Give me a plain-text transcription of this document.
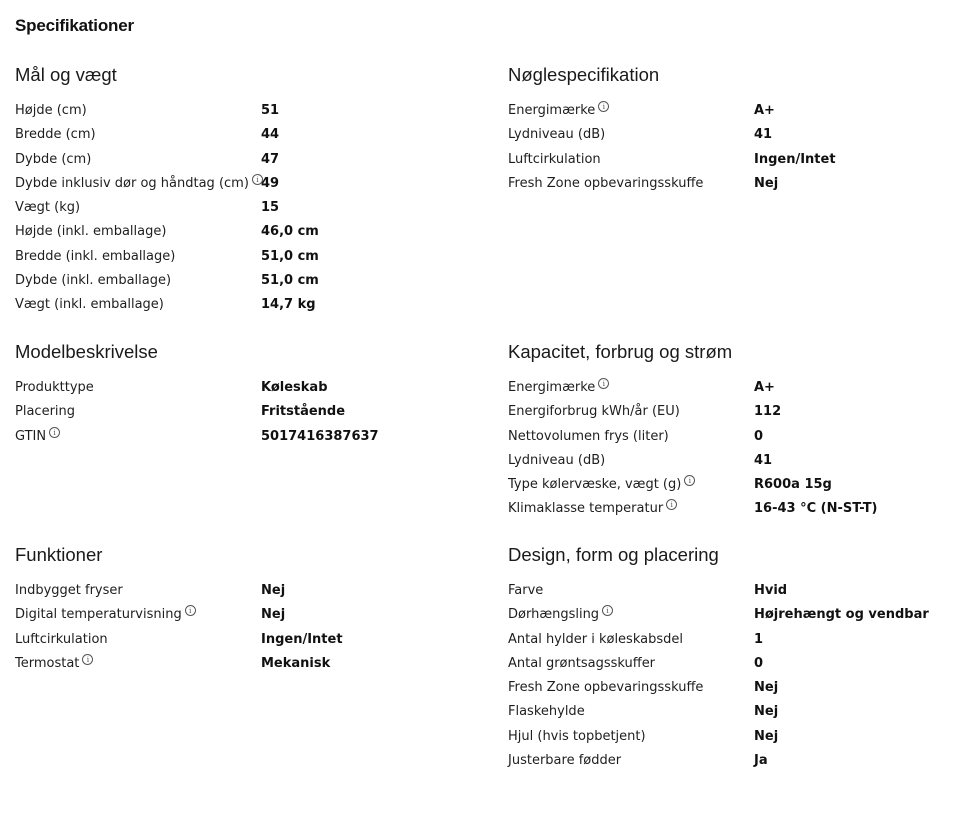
Specifikationer
Mål og vægt
Højde (cm)	51
Bredde (cm)	44
Dybde (cm)	47
Dybde inklusiv dør og håndtag (cm) i 49
Vægt (kg)	15
Højde (inkl. emballage)	46,0 cm
Bredde (inkl. emballage)	51,0 cm
Dybde (inkl. emballage)	51,0 cm
Vægt (inkl. emballage)	14,7 kg
Nøglespecifikation
Energimærke i	A+
Lydniveau (dB)	41
Luftcirkulation	Ingen/Intet
Fresh Zone opbevaringsskuffe	Nej
Modelbeskrivelse
Produkttype	Køleskab
Placering	Fritstående
GTIN i	5017416387637
Kapacitet, forbrug og strøm
Energimærke i	A+
Energiforbrug kWh/år (EU)	112
Nettovolumen frys (liter)	0
Lydniveau (dB)	41
Type kølervæske, vægt (g) i	R600a 15g
Klimaklasse temperatur i	16-43 °C (N-ST-T)
Funktioner
Indbygget fryser	Nej
Digital temperaturvisning i	Nej
Luftcirkulation	Ingen/Intet
Termostat i	Mekanisk
Design, form og placering
Farve	Hvid
Dørhængsling i	Højrehængt og vendbar
Antal hylder i køleskabsdel	1
Antal grøntsagsskuffer	0
Fresh Zone opbevaringsskuffe	Nej
Flaskehylde	Nej
Hjul (hvis topbetjent)	Nej
Justerbare fødder	Ja
